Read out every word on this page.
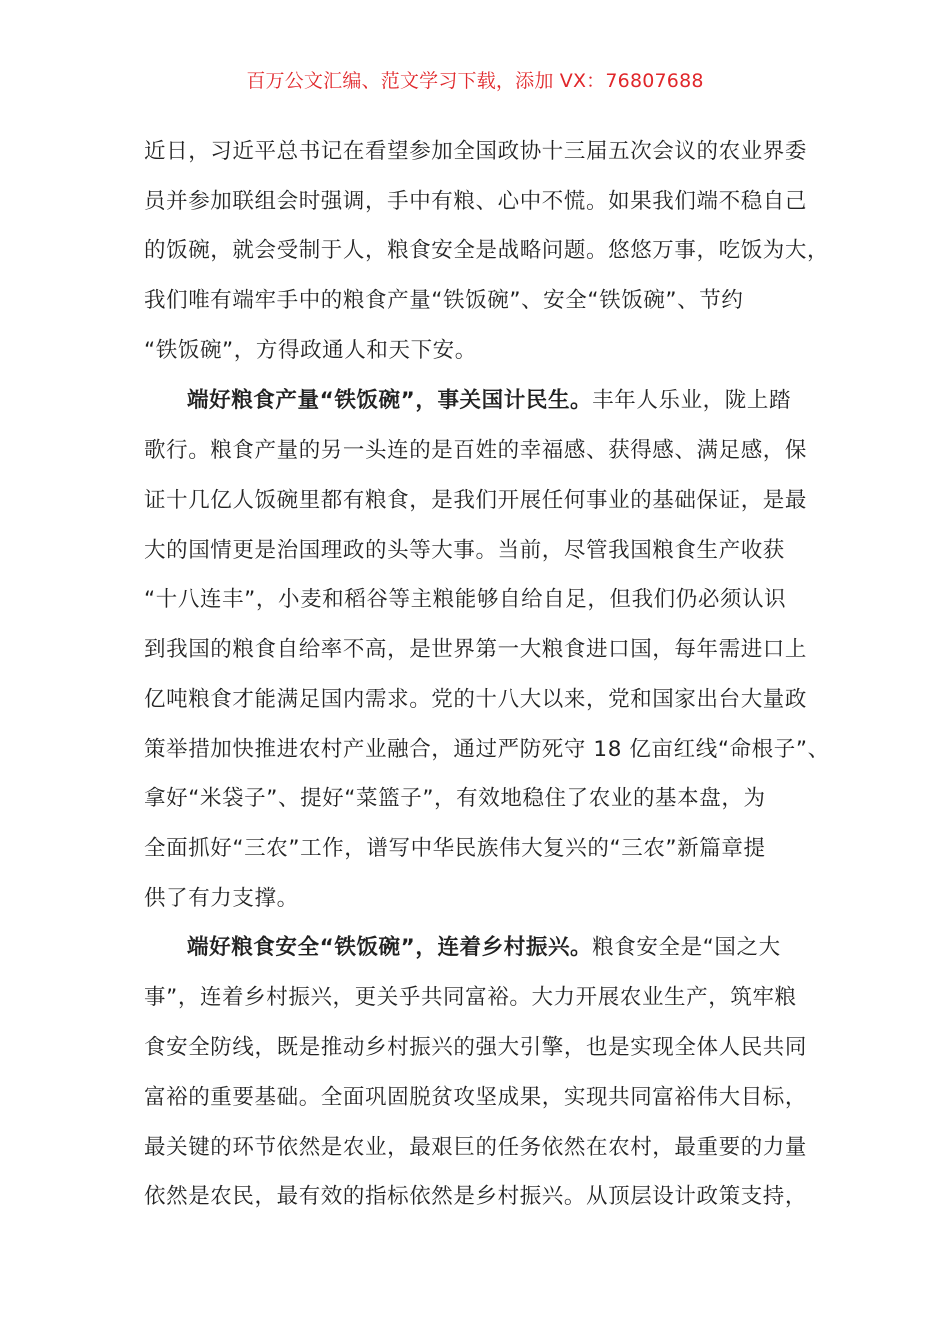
百万公文汇编、范文学习下载，添加 VX：76807688
近日，习近平总书记在看望参加全国政协十三届五次会议的农业界委
员并参加联组会时强调，手中有粮、心中不慌。如果我们端不稳自己
的饭碗，就会受制于人，粮食安全是战略问题。悠悠万事，吃饭为大，
我们唯有端牢手中的粮食产量“铁饭碗”、安全“铁饭碗”、节约
“铁饭碗”，方得政通人和天下安。
端好粮食产量“铁饭碗”，事关国计民生。丰年人乐业，陇上踏
歌行。粮食产量的另一头连的是百姓的幸福感、获得感、满足感，保
证十几亿人饭碗里都有粮食，是我们开展任何事业的基础保证，是最
大的国情更是治国理政的头等大事。当前，尽管我国粮食生产收获
“十八连丰”，小麦和稻谷等主粮能够自给自足，但我们仍必须认识
到我国的粮食自给率不高，是世界第一大粮食进口国，每年需进口上
亿吨粮食才能满足国内需求。党的十八大以来，党和国家出台大量政
策举措加快推进农村产业融合，通过严防死守 18 亿亩红线“命根子”、
拿好“米袋子”、提好“菜篮子”，有效地稳住了农业的基本盘，为
全面抓好“三农”工作，谱写中华民族伟大复兴的“三农”新篇章提
供了有力支撑。
端好粮食安全“铁饭碗”，连着乡村振兴。粮食安全是“国之大
事”，连着乡村振兴，更关乎共同富裕。大力开展农业生产，筑牢粮
食安全防线，既是推动乡村振兴的强大引擎，也是实现全体人民共同
富裕的重要基础。全面巩固脱贫攻坚成果，实现共同富裕伟大目标，
最关键的环节依然是农业，最艰巨的任务依然在农村，最重要的力量
依然是农民，最有效的指标依然是乡村振兴。从顶层设计政策支持，
